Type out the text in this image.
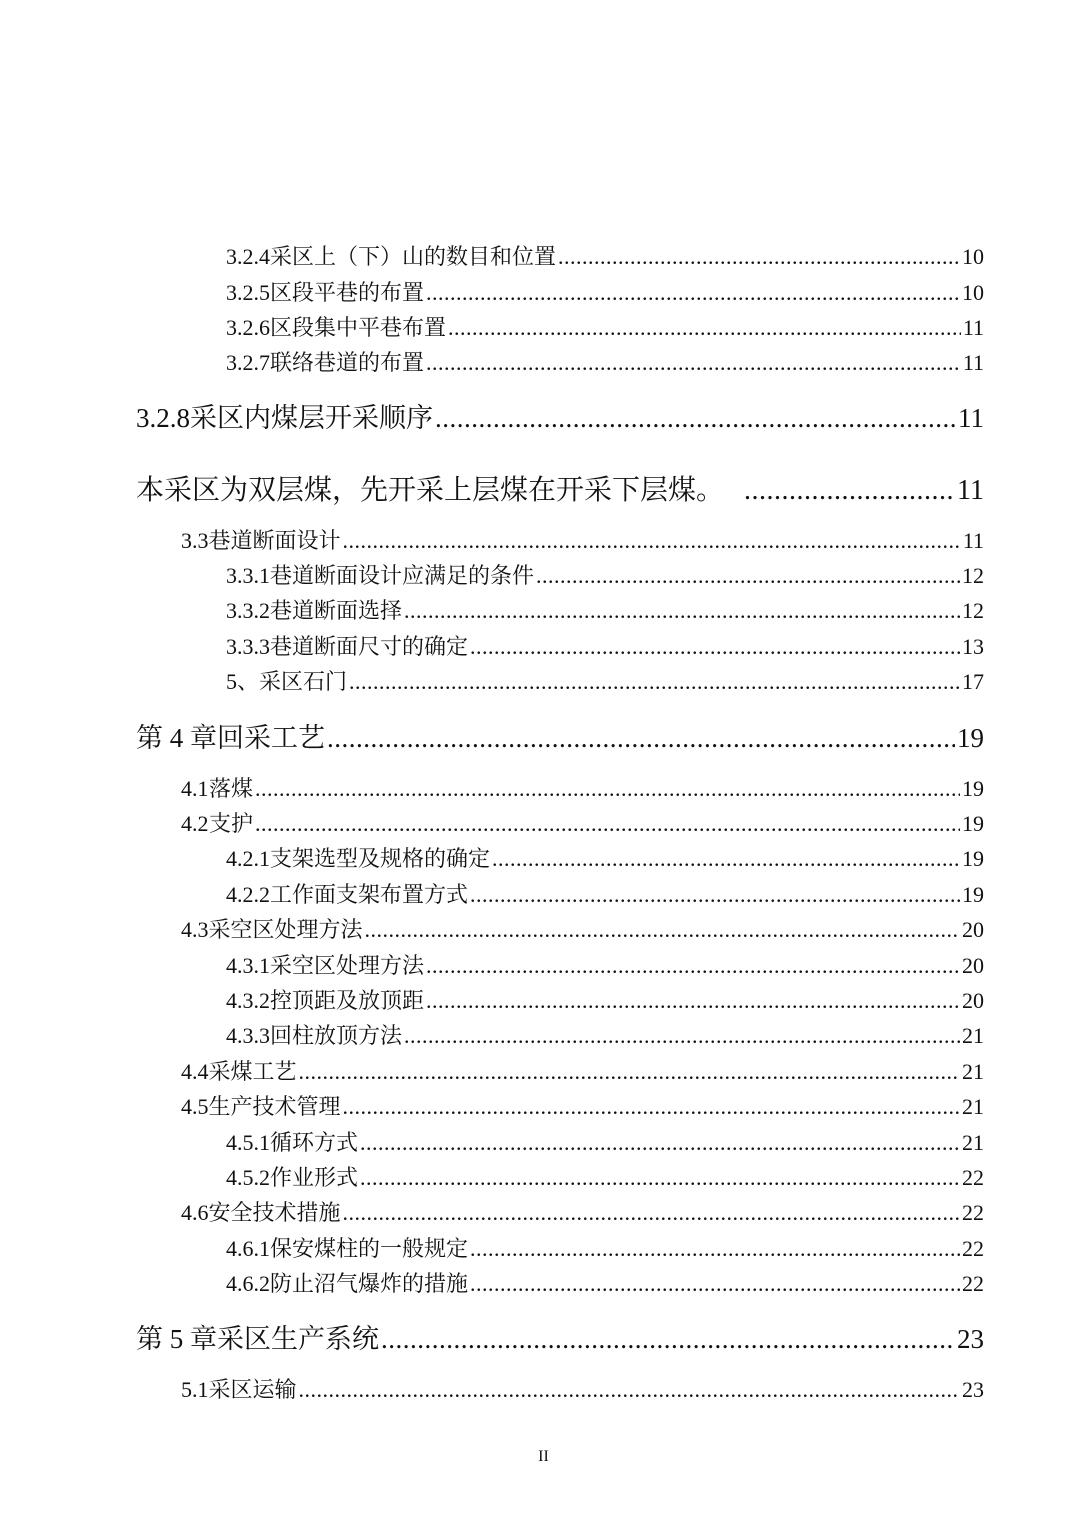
3.2.4 采区上（下）山的数目和位置 .....	10
3.2.5 区段平巷的布置 .....	10
3.2.6 区段集中平巷布置 .....	11
3.2.7 联络巷道的布置 .....	11
3.2.8 采区内煤层开采顺序 .....	11
本采区为双层煤，先开采上层煤在开采下层煤。 .....	11
3.3 巷道断面设计 .....	11
3.3.1 巷道断面设计应满足的条件 .....	12
3.3.2 巷道断面选择 .....	12
3.3.3 巷道断面尺寸的确定 .....	13
5、采区石门 .....	17
第 4 章 回采工艺 .....	19
4.1 落煤 .....	19
4.2 支护 .....	19
4.2.1 支架选型及规格的确定 .....	19
4.2.2 工作面支架布置方式 .....	19
4.3 采空区处理方法 .....	20
4.3.1 采空区处理方法 .....	20
4.3.2 控顶距及放顶距 .....	20
4.3.3 回柱放顶方法 .....	21
4.4 采煤工艺 .....	21
4.5 生产技术管理 .....	21
4.5.1 循环方式 .....	21
4.5.2 作业形式 .....	22
4.6 安全技术措施 .....	22
4.6.1 保安煤柱的一般规定 .....	22
4.6.2 防止沼气爆炸的措施 .....	22
第 5 章 采区生产系统 .....	23
5.1 采区运输 .....	23
II
